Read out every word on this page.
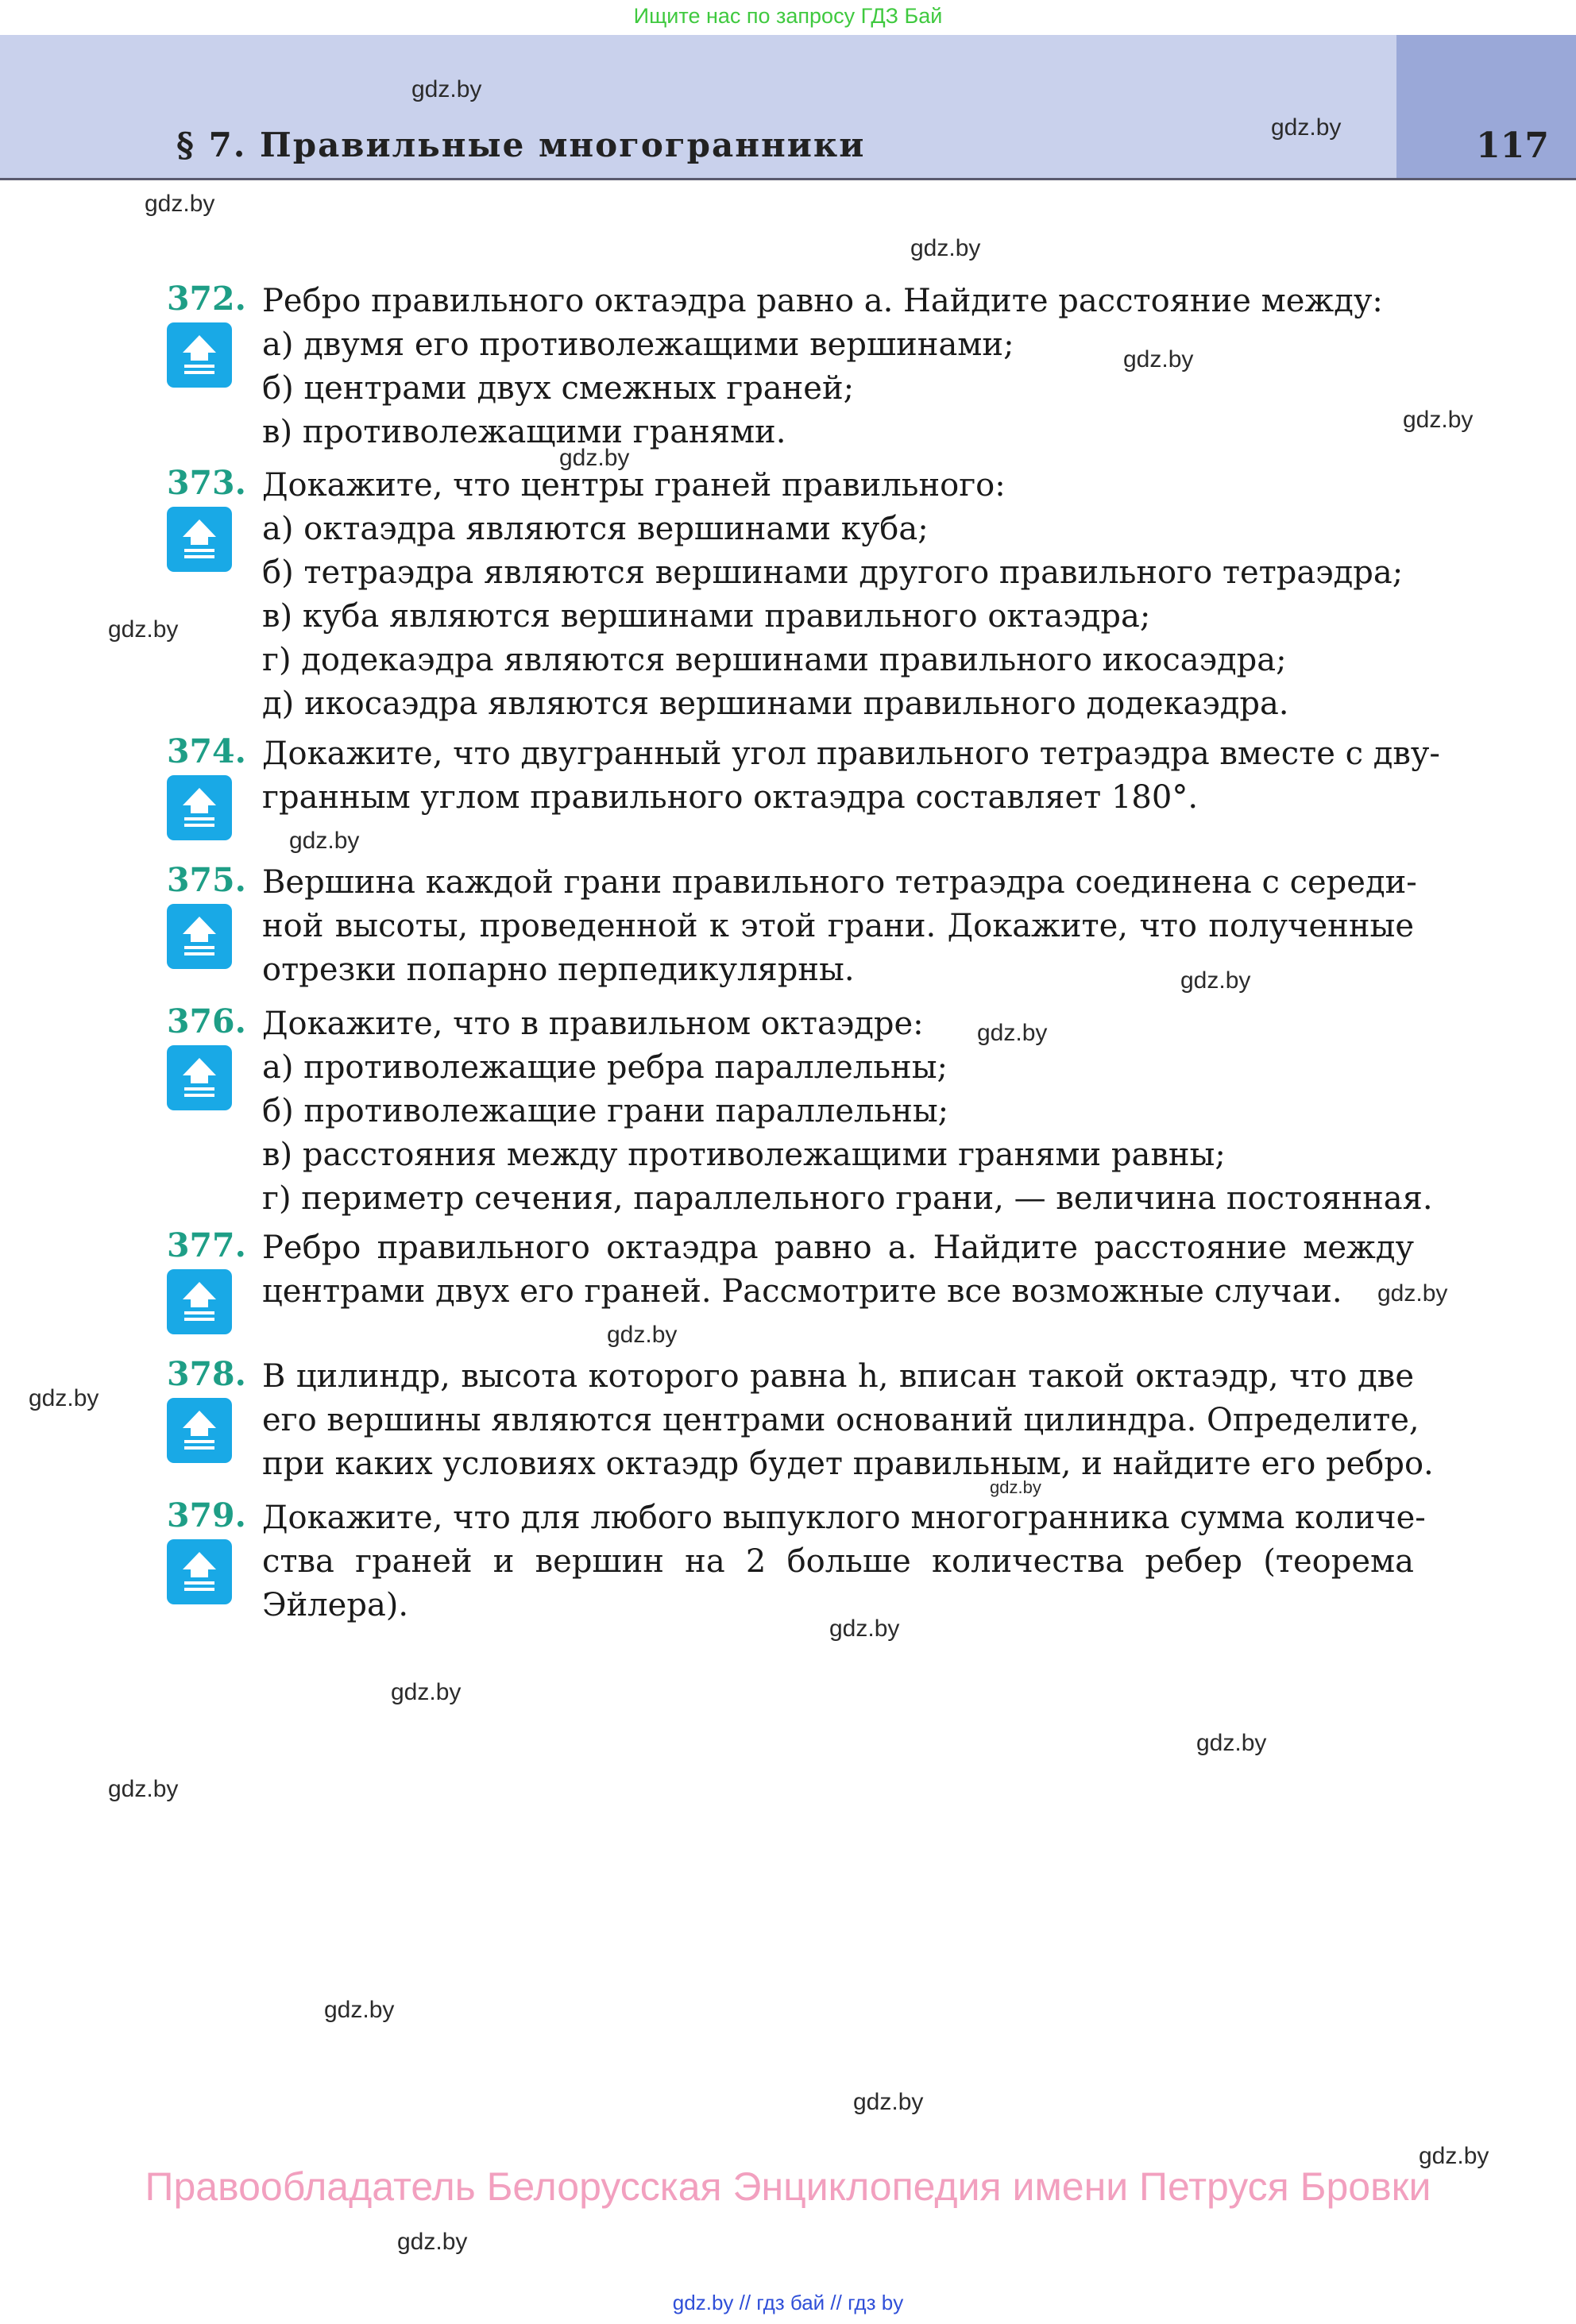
Ищите нас по запросу ГДЗ Бай
§ 7. Правильные многогранники	117
372. Ребро правильного октаэдра равно a. Найдите расстояние между:
а) двумя его противолежащими вершинами;
б) центрами двух смежных граней;
в) противолежащими гранями.
373. Докажите, что центры граней правильного:
а) октаэдра являются вершинами куба;
б) тетраэдра являются вершинами другого правильного тетраэдра;
в) куба являются вершинами правильного октаэдра;
г) додекаэдра являются вершинами правильного икосаэдра;
д) икосаэдра являются вершинами правильного додекаэдра.
374. Докажите, что двугранный угол правильного тетраэдра вместе с дву-
гранным углом правильного октаэдра составляет 180°.
375. Вершина каждой грани правильного тетраэдра соединена с середи-
ной высоты, проведенной к этой грани. Докажите, что полученные
отрезки попарно перпедикулярны.
376. Докажите, что в правильном октаэдре:
а) противолежащие ребра параллельны;
б) противолежащие грани параллельны;
в) расстояния между противолежащими гранями равны;
г) периметр сечения, параллельного грани, — величина постоянная.
377. Ребро правильного октаэдра равно a. Найдите расстояние между
центрами двух его граней. Рассмотрите все возможные случаи.
378. В цилиндр, высота которого равна h, вписан такой октаэдр, что две
его вершины являются центрами оснований цилиндра. Определите,
при каких условиях октаэдр будет правильным, и найдите его ребро.
379. Докажите, что для любого выпуклого многогранника сумма количе-
ства граней и вершин на 2 больше количества ребер (теорема
Эйлера).
gdz.by
gdz.by
gdz.by
gdz.by
gdz.by
gdz.by
gdz.by
gdz.by
gdz.by
gdz.by
gdz.by
gdz.by
gdz.by
gdz.by
gdz.by
gdz.by
gdz.by
gdz.by
gdz.by
gdz.by
gdz.by
gdz.by
gdz.by
Правообладатель Белорусская Энциклопедия имени Петруся Бровки
gdz.by // гдз бай // гдз by
